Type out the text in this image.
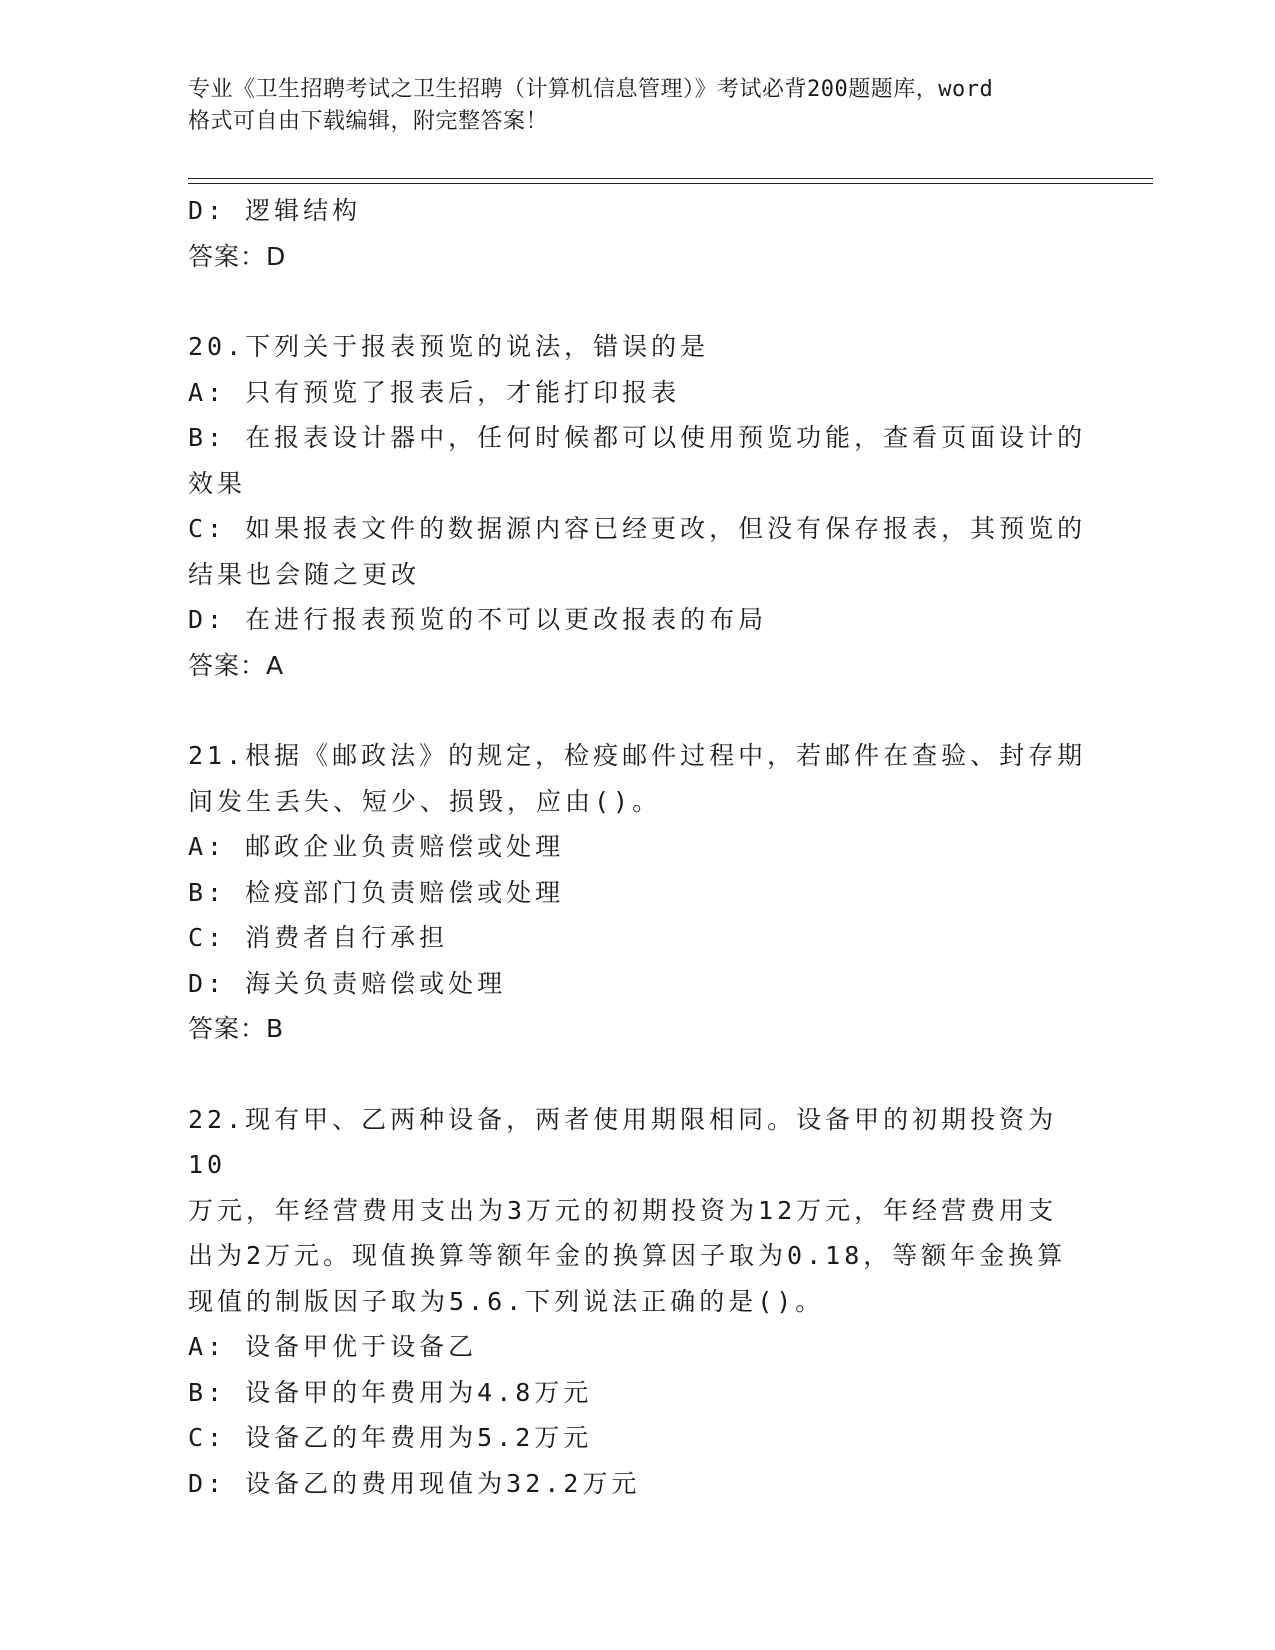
专业《卫生招聘考试之卫生招聘（计算机信息管理）》考试必背200题题库，word
格式可自由下载编辑，附完整答案！

D: 逻辑结构

答案：D

20.下列关于报表预览的说法，错误的是

A: 只有预览了报表后，才能打印报表

B: 在报表设计器中，任何时候都可以使用预览功能，查看页面设计的

效果

C: 如果报表文件的数据源内容已经更改，但没有保存报表，其预览的

结果也会随之更改

D: 在进行报表预览的不可以更改报表的布局

答案：A

21.根据《邮政法》的规定，检疫邮件过程中，若邮件在查验、封存期

间发生丢失、短少、损毁，应由()。

A: 邮政企业负责赔偿或处理

B: 检疫部门负责赔偿或处理

C: 消费者自行承担

D: 海关负责赔偿或处理

答案：B

22.现有甲、乙两种设备，两者使用期限相同。设备甲的初期投资为10

万元，年经营费用支出为3万元的初期投资为12万元，年经营费用支

出为2万元。现值换算等额年金的换算因子取为0.18，等额年金换算

现值的制版因子取为5.6.下列说法正确的是()。

A: 设备甲优于设备乙

B: 设备甲的年费用为4.8万元

C: 设备乙的年费用为5.2万元

D: 设备乙的费用现值为32.2万元
